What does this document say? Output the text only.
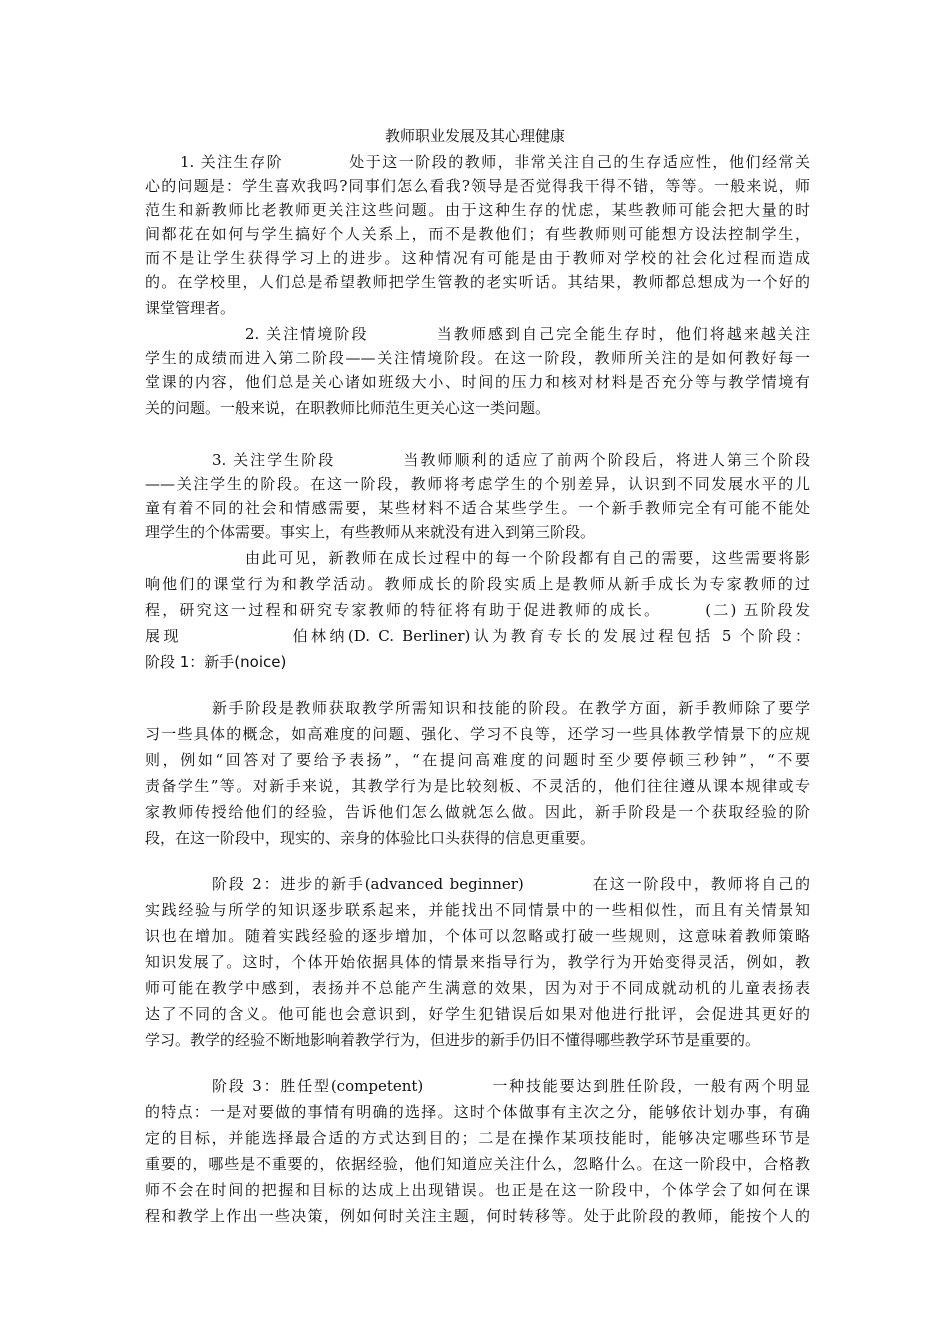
教师职业发展及其心理健康

1. 关注生存阶　　　　处于这一阶段的教师，非常关注自己的生存适应性，他们经常关

心的问题是：学生喜欢我吗?同事们怎么看我?领导是否觉得我干得不错，等等。一般来说，师

范生和新教师比老教师更关注这些问题。由于这种生存的忧虑，某些教师可能会把大量的时

间都花在如何与学生搞好个人关系上，而不是教他们；有些教师则可能想方设法控制学生，

而不是让学生获得学习上的进步。这种情况有可能是由于教师对学校的社会化过程而造成

的。在学校里，人们总是希望教师把学生管教的老实听话。其结果，教师都总想成为一个好的

课堂管理者。

2. 关注情境阶段　　　　当教师感到自己完全能生存时，他们将越来越关注

学生的成绩而进入第二阶段——关注情境阶段。在这一阶段，教师所关注的是如何教好每一

堂课的内容，他们总是关心诸如班级大小、时间的压力和核对材料是否充分等与教学情境有

关的问题。一般来说，在职教师比师范生更关心这一类问题。

3. 关注学生阶段　　　　当教师顺利的适应了前两个阶段后，将进人第三个阶段

——关注学生的阶段。在这一阶段，教师将考虑学生的个别差异，认识到不同发展水平的儿

童有着不同的社会和情感需要，某些材料不适合某些学生。一个新手教师完全有可能不能处

理学生的个体需要。事实上，有些教师从来就没有进入到第三阶段。

由此可见，新教师在成长过程中的每一个阶段都有自己的需要，这些需要将影

响他们的课堂行为和教学活动。教师成长的阶段实质上是教师从新手成长为专家教师的过

程，研究这一过程和研究专家教师的特征将有助于促进教师的成长。　　　(二) 五阶段发

展现　　　　　　伯林纳(D. C. Berliner)认为教育专长的发展过程包括 5 个阶段：

阶段 1：新手(noice)

新手阶段是教师获取教学所需知识和技能的阶段。在教学方面，新手教师除了要学

习一些具体的概念，如高难度的问题、强化、学习不良等，还学习一些具体教学情景下的应规

则，例如“回答对了要给予表扬”，“在提问高难度的问题时至少要停顿三秒钟”，“不要

责备学生”等。对新手来说，其教学行为是比较刻板、不灵活的，他们往往遵从课本规律或专

家教师传授给他们的经验，告诉他们怎么做就怎么做。因此，新手阶段是一个获取经验的阶

段，在这一阶段中，现实的、亲身的体验比口头获得的信息更重要。

阶段 2：进步的新手(advanced beginner)　　　　在这一阶段中，教师将自己的

实践经验与所学的知识逐步联系起来，并能找出不同情景中的一些相似性，而且有关情景知

识也在增加。随着实践经验的逐步增加，个体可以忽略或打破一些规则，这意味着教师策略

知识发展了。这时，个体开始依据具体的情景来指导行为，教学行为开始变得灵活，例如，教

师可能在教学中感到，表扬并不总能产生满意的效果，因为对于不同成就动机的儿童表扬表

达了不同的含义。他可能也会意识到，好学生犯错误后如果对他进行批评，会促进其更好的

学习。教学的经验不断地影响着教学行为，但进步的新手仍旧不懂得哪些教学环节是重要的。

阶段 3：胜任型(competent)　　　　一种技能要达到胜任阶段，一般有两个明显

的特点：一是对要做的事情有明确的选择。这时个体做事有主次之分，能够依计划办事，有确

定的目标，并能选择最合适的方式达到目的；二是在操作某项技能时，能够决定哪些环节是

重要的，哪些是不重要的，依据经验，他们知道应关注什么，忽略什么。在这一阶段中，合格教

师不会在时间的把握和目标的达成上出现错误。也正是在这一阶段中，个体学会了如何在课

程和教学上作出一些决策，例如何时关注主题，何时转移等。处于此阶段的教师，能按个人的
